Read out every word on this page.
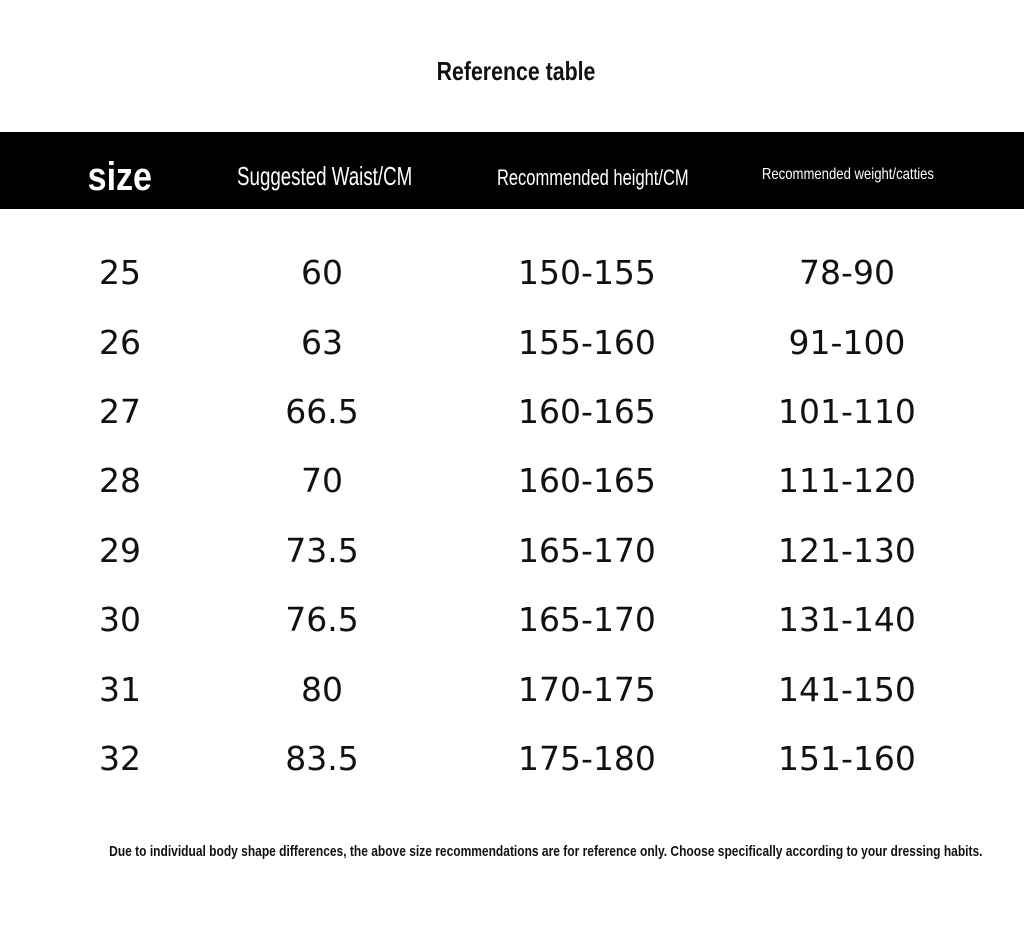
Reference table
size	Suggested Waist/CM	Recommended height/CM	Recommended weight/catties
25	60	150-155	78-90
26	63	155-160	91-100
27	66.5	160-165	101-110
28	70	160-165	111-120
29	73.5	165-170	121-130
30	76.5	165-170	131-140
31	80	170-175	141-150
32	83.5	175-180	151-160
Due to individual body shape differences, the above size recommendations are for reference only. Choose specifically according to your dressing habits.
